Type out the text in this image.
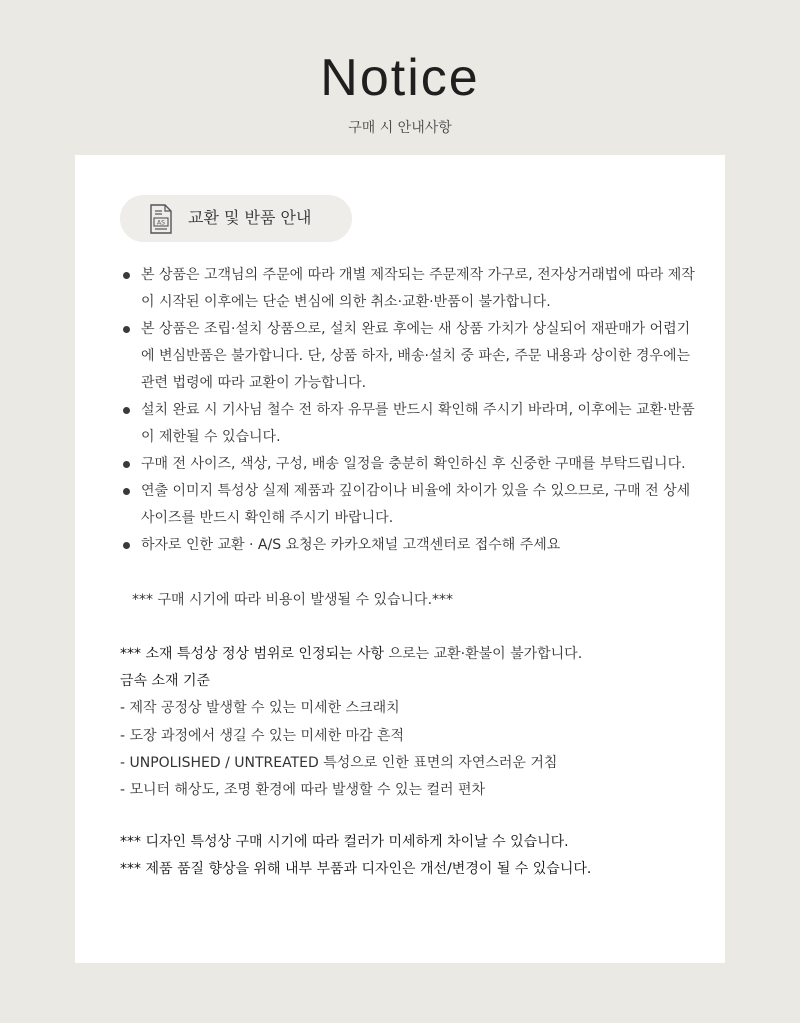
Notice
구매 시 안내사항
AS 교환 및 반품 안내
본 상품은 고객님의 주문에 따라 개별 제작되는 주문제작 가구로, 전자상거래법에 따라 제작이 시작된 이후에는 단순 변심에 의한 취소·교환·반품이 불가합니다.
본 상품은 조립·설치 상품으로, 설치 완료 후에는 새 상품 가치가 상실되어 재판매가 어렵기에 변심반품은 불가합니다. 단, 상품 하자, 배송·설치 중 파손, 주문 내용과 상이한 경우에는 관련 법령에 따라 교환이 가능합니다.
설치 완료 시 기사님 철수 전 하자 유무를 반드시 확인해 주시기 바라며, 이후에는 교환·반품이 제한될 수 있습니다.
구매 전 사이즈, 색상, 구성, 배송 일정을 충분히 확인하신 후 신중한 구매를 부탁드립니다.
연출 이미지 특성상 실제 제품과 깊이감이나 비율에 차이가 있을 수 있으므로, 구매 전 상세 사이즈를 반드시 확인해 주시기 바랍니다.
하자로 인한 교환 · A/S 요청은 카카오채널 고객센터로 접수해 주세요
*** 구매 시기에 따라 비용이 발생될 수 있습니다.***
*** 소재 특성상 정상 범위로 인정되는 사항 으로는 교환·환불이 불가합니다.
금속 소재 기준
- 제작 공정상 발생할 수 있는 미세한 스크래치
- 도장 과정에서 생길 수 있는 미세한 마감 흔적
- UNPOLISHED / UNTREATED 특성으로 인한 표면의 자연스러운 거침
- 모니터 해상도, 조명 환경에 따라 발생할 수 있는 컬러 편차
*** 디자인 특성상 구매 시기에 따라 컬러가 미세하게 차이날 수 있습니다.
*** 제품 품질 향상을 위해 내부 부품과 디자인은 개선/변경이 될 수 있습니다.
